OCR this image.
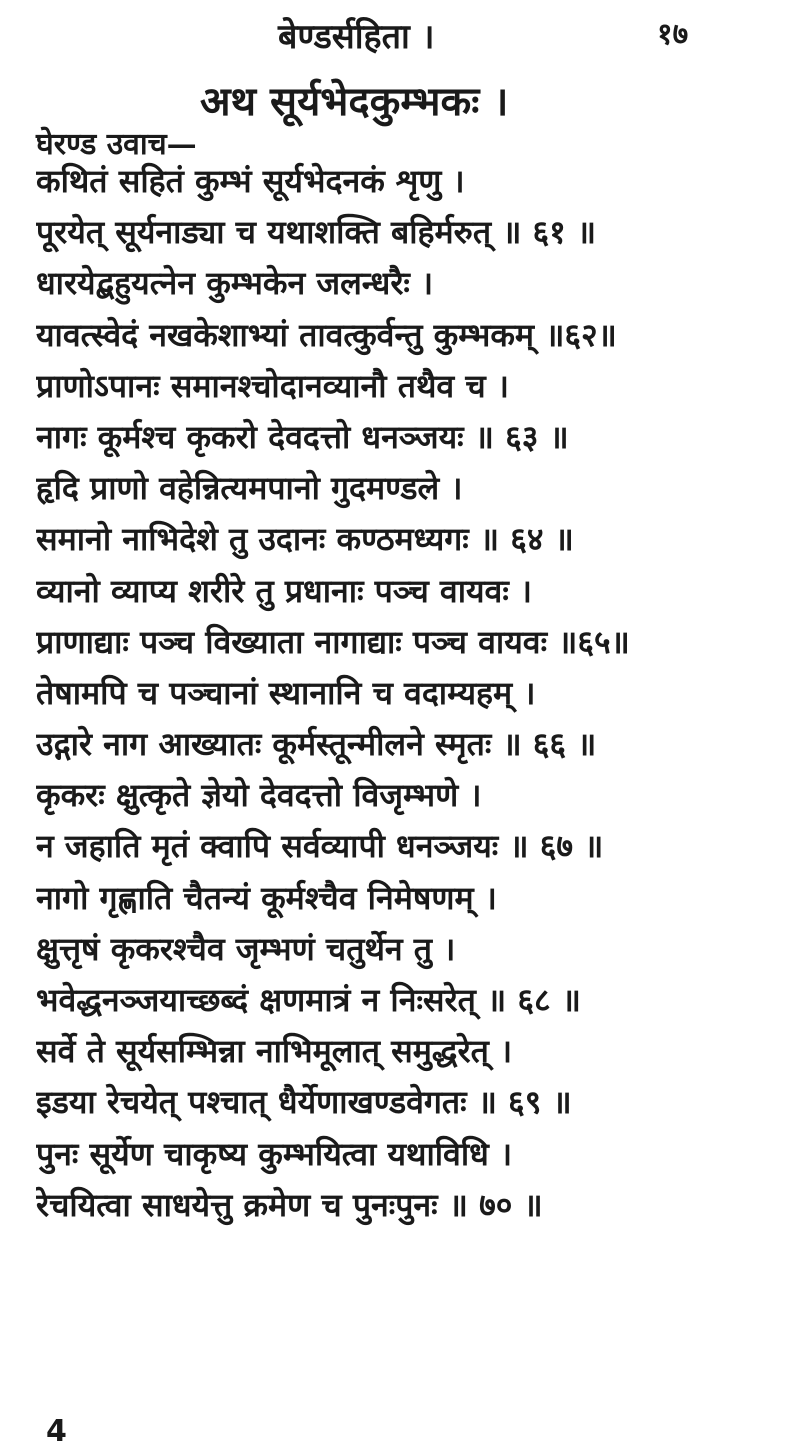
बेण्डर्सहिता ।	१७
अथ सूर्यभेदकुम्भकः ।
घेरण्ड उवाच—
कथितं सहितं कुम्भं सूर्यभेदनकं शृणु ।
पूरयेत् सूर्यनाड्या च यथाशक्ति बहिर्मरुत् ॥ ६१ ॥
धारयेद्बहुयत्नेन कुम्भकेन जलन्धरैः ।
यावत्स्वेदं नखकेशाभ्यां तावत्कुर्वन्तु कुम्भकम् ॥६२॥
प्राणोऽपानः समानश्चोदानव्यानौ तथैव च ।
नागः कूर्मश्च कृकरो देवदत्तो धनञ्जयः ॥ ६३ ॥
हृदि प्राणो वहेन्नित्यमपानो गुदमण्डले ।
समानो नाभिदेशे तु उदानः कण्ठमध्यगः ॥ ६४ ॥
व्यानो व्याप्य शरीरे तु प्रधानाः पञ्च वायवः ।
प्राणाद्याः पञ्च विख्याता नागाद्याः पञ्च वायवः ॥६५॥
तेषामपि च पञ्चानां स्थानानि च वदाम्यहम् ।
उद्गारे नाग आख्यातः कूर्मस्तून्मीलने स्मृतः ॥ ६६ ॥
कृकरः क्षुत्कृते ज्ञेयो देवदत्तो विजृम्भणे ।
न जहाति मृतं क्वापि सर्वव्यापी धनञ्जयः ॥ ६७ ॥
नागो गृह्णाति चैतन्यं कूर्मश्चैव निमेषणम् ।
क्षुत्तृषं कृकरश्चैव जृम्भणं चतुर्थेन तु ।
भवेद्धनञ्जयाच्छब्दं क्षणमात्रं न निःसरेत् ॥ ६८ ॥
सर्वे ते सूर्यसम्भिन्ना नाभिमूलात् समुद्धरेत् ।
इडया रेचयेत् पश्चात् धैर्येणाखण्डवेगतः ॥ ६९ ॥
पुनः सूर्येण चाकृष्य कुम्भयित्वा यथाविधि ।
रेचयित्वा साधयेत्तु क्रमेण च पुनःपुनः ॥ ७० ॥
4
